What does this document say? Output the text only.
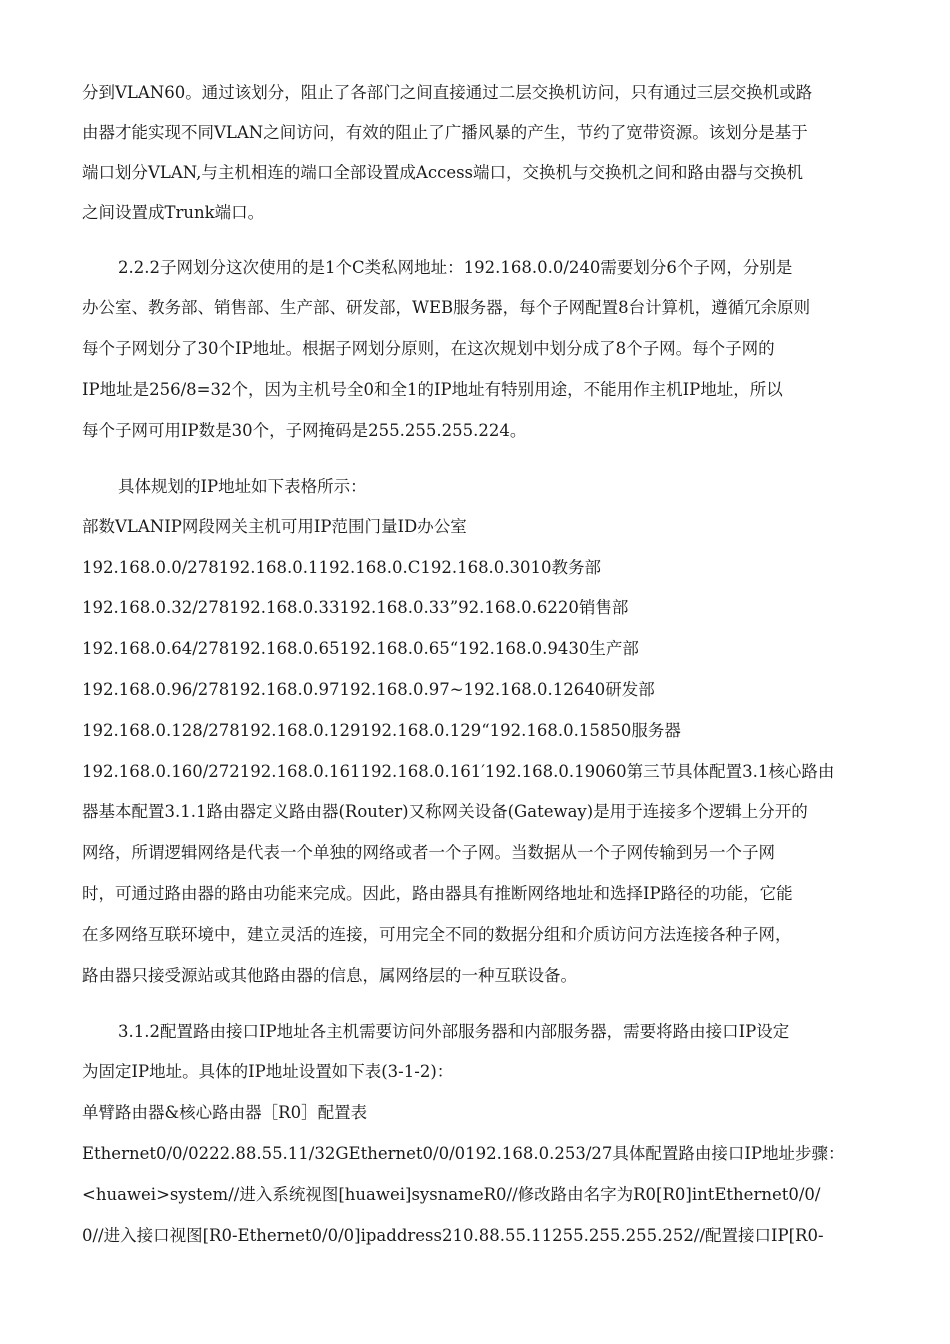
分到VLAN60。通过该划分，阻止了各部门之间直接通过二层交换机访问，只有通过三层交换机或路
由器才能实现不同VLAN之间访问，有效的阻止了广播风暴的产生，节约了宽带资源。该划分是基于
端口划分VLAN,与主机相连的端口全部设置成Access端口，交换机与交换机之间和路由器与交换机
之间设置成Trunk端口。
2.2.2子网划分这次使用的是1个C类私网地址：192.168.0.0/240需要划分6个子网，分别是
办公室、教务部、销售部、生产部、研发部，WEB服务器，每个子网配置8台计算机，遵循冗余原则
每个子网划分了30个IP地址。根据子网划分原则，在这次规划中划分成了8个子网。每个子网的
IP地址是256/8=32个，因为主机号全0和全1的IP地址有特别用途，不能用作主机IP地址，所以
每个子网可用IP数是30个，子网掩码是255.255.255.224。
具体规划的IP地址如下表格所示：
部数VLANIP网段网关主机可用IP范围门量ID办公室
192.168.0.0/278192.168.0.1192.168.0.C192.168.0.3010教务部
192.168.0.32/278192.168.0.33192.168.0.33”92.168.0.6220销售部
192.168.0.64/278192.168.0.65192.168.0.65“192.168.0.9430生产部
192.168.0.96/278192.168.0.97192.168.0.97~192.168.0.12640研发部
192.168.0.128/278192.168.0.129192.168.0.129“192.168.0.15850服务器
192.168.0.160/272192.168.0.161192.168.0.161′192.168.0.19060第三节具体配置3.1核心路由
器基本配置3.1.1路由器定义路由器(Router)又称网关设备(Gateway)是用于连接多个逻辑上分开的
网络，所谓逻辑网络是代表一个单独的网络或者一个子网。当数据从一个子网传输到另一个子网
时，可通过路由器的路由功能来完成。因此，路由器具有推断网络地址和选择IP路径的功能，它能
在多网络互联环境中，建立灵活的连接，可用完全不同的数据分组和介质访问方法连接各种子网，
路由器只接受源站或其他路由器的信息，属网络层的一种互联设备。
3.1.2配置路由接口IP地址各主机需要访问外部服务器和内部服务器，需要将路由接口IP设定
为固定IP地址。具体的IP地址设置如下表(3-1-2)：
单臂路由器&核心路由器［R0］配置表
Ethernet0/0/0222.88.55.11/32GEthernet0/0/0192.168.0.253/27具体配置路由接口IP地址步骤：
<huawei>system//进入系统视图[huawei]sysnameR0//修改路由名字为R0[R0]intEthernet0/0/
0//进入接口视图[R0-Ethernet0/0/0]ipaddress210.88.55.11255.255.255.252//配置接口IP[R0-
